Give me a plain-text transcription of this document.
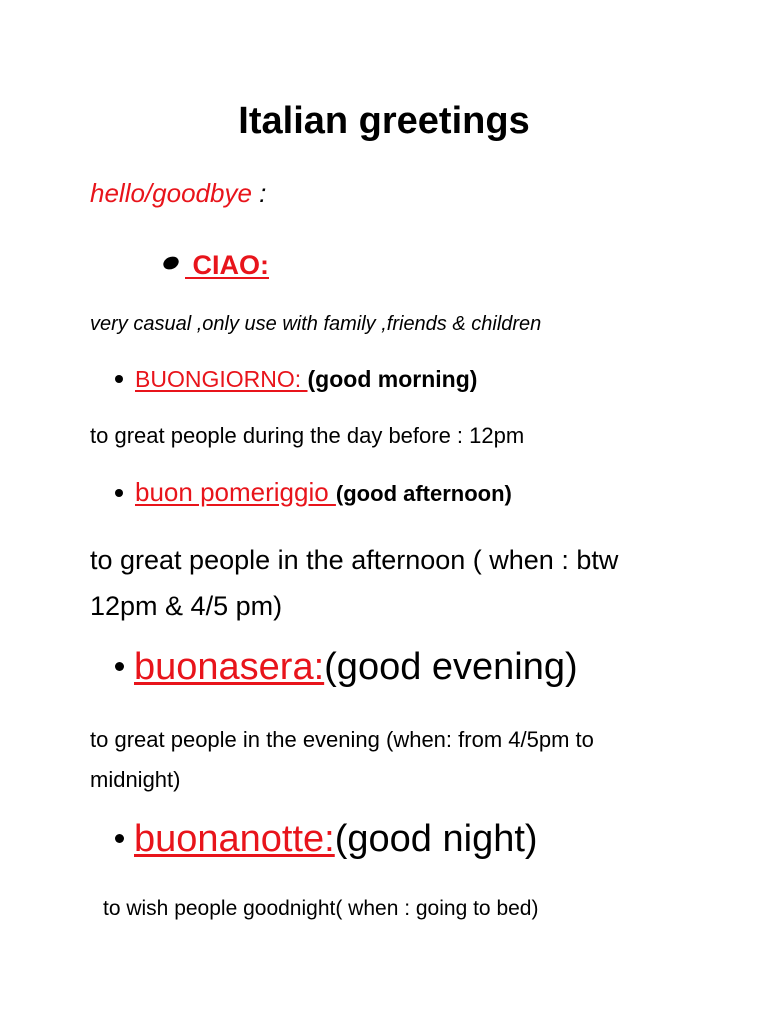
Italian greetings
hello/goodbye :
CIAO:
very casual ,only use with family ,friends & children
BUONGIORNO: (good morning)
to great people during the day before : 12pm
buon pomeriggio (good afternoon)
to great people in the afternoon ( when : btw 12pm & 4/5 pm)
buonasera:(good evening)
to great people in the evening (when: from 4/5pm to midnight)
buonanotte:(good night)
to wish people goodnight( when : going to bed)
